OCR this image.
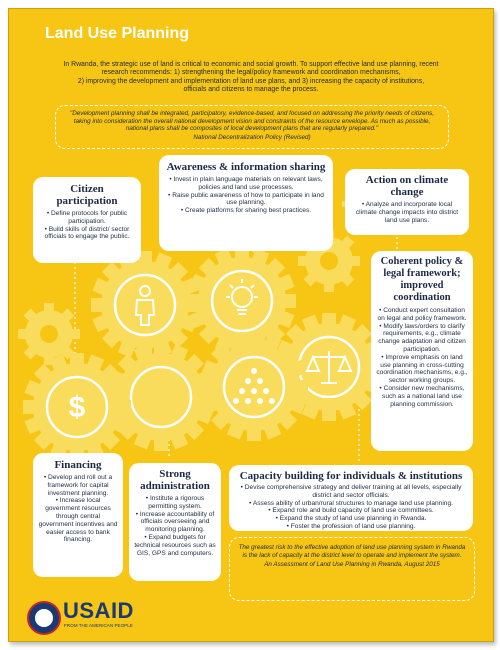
Land Use Planning

In Rwanda, the strategic use of land is critical to economic and social growth. To support effective land use planning, recent

research recommends: 1) strengthening the legal/policy framework and coordination mechanisms,

2) improving the development and implementation of land use plans, and 3) increasing the capacity of institutions,

officials and citizens to manage the process.

"Development planning shall be integrated, participatory, evidence-based, and focused on addressing the priority needs of citizens, taking into consideration the overall national development vision and constraints of the resource envelope. As much as possible, national plans shall be composites of local development plans that are regularly prepared."
National Decentralization Policy (Revised)
$
Citizen participation
• Define protocols for public participation.
• Build skills of district/ sector officials to engage the public.
Awareness & information sharing
• Invest in plain language materials on relevant laws, policies and land use processes.
• Raise public awareness of how to participate in land use planning.
• Create platforms for sharing best practices.
Action on climate change
• Analyze and incorporate local climate change impacts into district land use plans.
Coherent policy & legal framework; improved coordination
• Conduct expert consultation on legal and policy framework.
• Modify laws/orders to clarify requirements, e.g., climate change adaptation and citizen participation.
• Improve emphasis on land use planning in cross-cutting coordination mechanisms, e.g., sector working groups.
• Consider new mechanisms, such as a national land use planning commission.
Financing
• Develop and roll out a framework for capital investment planning.
• Increase local government resources through central government incentives and easier access to bank financing.
Strong administration
• Institute a rigorous permitting system.
• Increase accountability of officials overseeing and monitoring planning.
• Expand budgets for technical resources such as GIS, GPS and computers.
Capacity building for individuals & institutions
• Devise comprehensive strategy and deliver training at all levels, especially district and sector officials.
• Assess ability of urban/rural structures to manage land use planning.
• Expand role and build capacity of land use committees.
• Expand the study of land use planning in Rwanda.
• Foster the profession of land use planning.
The greatest risk to the effective adoption of land use planning system in Rwanda is the lack of capacity at the district level to operate and implement the system.
An Assessment of Land Use Planning in Rwanda, August 2015
USAID
FROM THE AMERICAN PEOPLE
